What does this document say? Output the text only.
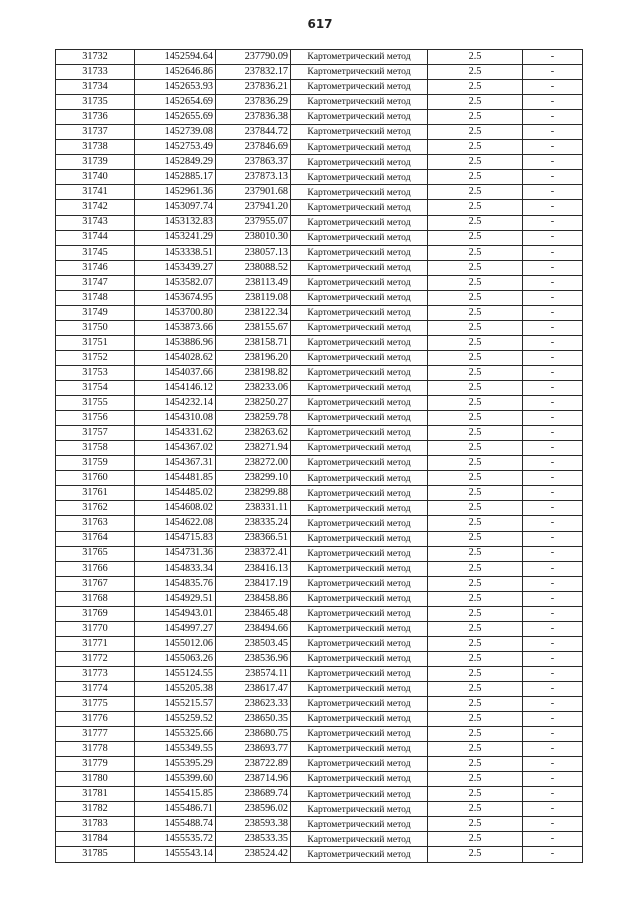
617
31732	1452594.64	237790.09	Картометрический метод	2.5	-
31733	1452646.86	237832.17	Картометрический метод	2.5	-
31734	1452653.93	237836.21	Картометрический метод	2.5	-
31735	1452654.69	237836.29	Картометрический метод	2.5	-
31736	1452655.69	237836.38	Картометрический метод	2.5	-
31737	1452739.08	237844.72	Картометрический метод	2.5	-
31738	1452753.49	237846.69	Картометрический метод	2.5	-
31739	1452849.29	237863.37	Картометрический метод	2.5	-
31740	1452885.17	237873.13	Картометрический метод	2.5	-
31741	1452961.36	237901.68	Картометрический метод	2.5	-
31742	1453097.74	237941.20	Картометрический метод	2.5	-
31743	1453132.83	237955.07	Картометрический метод	2.5	-
31744	1453241.29	238010.30	Картометрический метод	2.5	-
31745	1453338.51	238057.13	Картометрический метод	2.5	-
31746	1453439.27	238088.52	Картометрический метод	2.5	-
31747	1453582.07	238113.49	Картометрический метод	2.5	-
31748	1453674.95	238119.08	Картометрический метод	2.5	-
31749	1453700.80	238122.34	Картометрический метод	2.5	-
31750	1453873.66	238155.67	Картометрический метод	2.5	-
31751	1453886.96	238158.71	Картометрический метод	2.5	-
31752	1454028.62	238196.20	Картометрический метод	2.5	-
31753	1454037.66	238198.82	Картометрический метод	2.5	-
31754	1454146.12	238233.06	Картометрический метод	2.5	-
31755	1454232.14	238250.27	Картометрический метод	2.5	-
31756	1454310.08	238259.78	Картометрический метод	2.5	-
31757	1454331.62	238263.62	Картометрический метод	2.5	-
31758	1454367.02	238271.94	Картометрический метод	2.5	-
31759	1454367.31	238272.00	Картометрический метод	2.5	-
31760	1454481.85	238299.10	Картометрический метод	2.5	-
31761	1454485.02	238299.88	Картометрический метод	2.5	-
31762	1454608.02	238331.11	Картометрический метод	2.5	-
31763	1454622.08	238335.24	Картометрический метод	2.5	-
31764	1454715.83	238366.51	Картометрический метод	2.5	-
31765	1454731.36	238372.41	Картометрический метод	2.5	-
31766	1454833.34	238416.13	Картометрический метод	2.5	-
31767	1454835.76	238417.19	Картометрический метод	2.5	-
31768	1454929.51	238458.86	Картометрический метод	2.5	-
31769	1454943.01	238465.48	Картометрический метод	2.5	-
31770	1454997.27	238494.66	Картометрический метод	2.5	-
31771	1455012.06	238503.45	Картометрический метод	2.5	-
31772	1455063.26	238536.96	Картометрический метод	2.5	-
31773	1455124.55	238574.11	Картометрический метод	2.5	-
31774	1455205.38	238617.47	Картометрический метод	2.5	-
31775	1455215.57	238623.33	Картометрический метод	2.5	-
31776	1455259.52	238650.35	Картометрический метод	2.5	-
31777	1455325.66	238680.75	Картометрический метод	2.5	-
31778	1455349.55	238693.77	Картометрический метод	2.5	-
31779	1455395.29	238722.89	Картометрический метод	2.5	-
31780	1455399.60	238714.96	Картометрический метод	2.5	-
31781	1455415.85	238689.74	Картометрический метод	2.5	-
31782	1455486.71	238596.02	Картометрический метод	2.5	-
31783	1455488.74	238593.38	Картометрический метод	2.5	-
31784	1455535.72	238533.35	Картометрический метод	2.5	-
31785	1455543.14	238524.42	Картометрический метод	2.5	-
